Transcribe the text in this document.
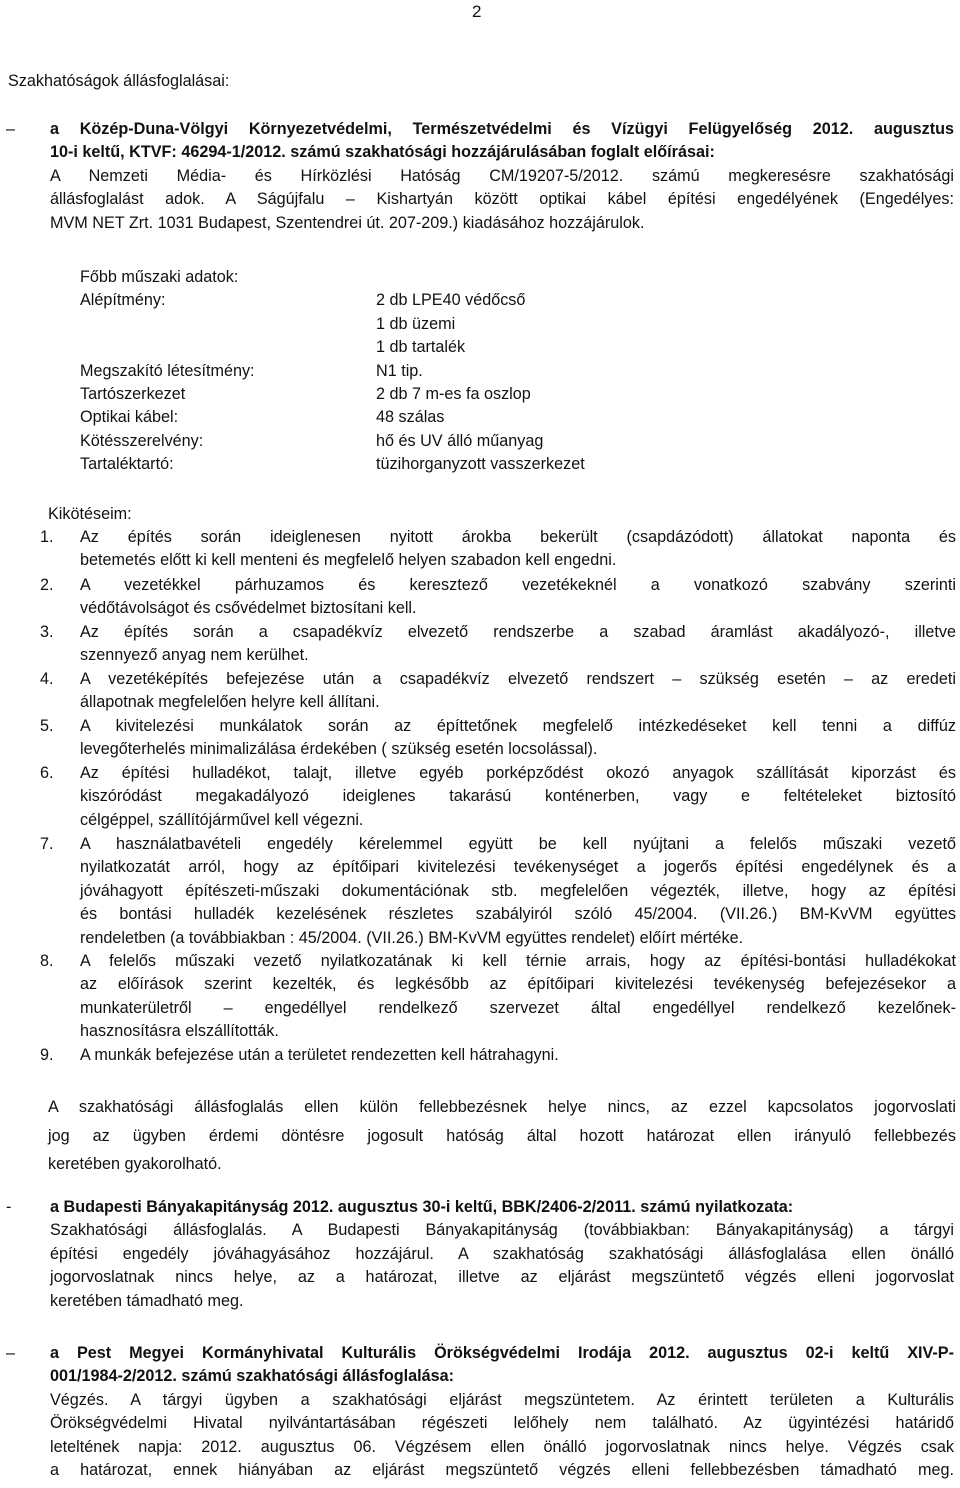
2
Szakhatóságok állásfoglalásai:
– a Közép-Duna-Völgyi Környezetvédelmi, Természetvédelmi és Vízügyi Felügyelőség 2012. augusztus
10-i keltű, KTVF: 46294-1/2012. számú szakhatósági hozzájárulásában foglalt előírásai:
A Nemzeti Média- és Hírközlési Hatóság CM/19207-5/2012. számú megkeresésre szakhatósági
állásfoglalást adok. A Ságújfalu – Kishartyán között optikai kábel építési engedélyének (Engedélyes:
MVM NET Zrt. 1031 Budapest, Szentendrei út. 207-209.) kiadásához hozzájárulok.
Főbb műszaki adatok:
Alépítmény:	2 db LPE40 védőcső
1 db üzemi
1 db tartalék
Megszakító létesítmény:	N1 tip.
Tartószerkezet	2 db 7 m-es fa oszlop
Optikai kábel:	48 szálas
Kötésszerelvény:	hő és UV álló műanyag
Tartaléktartó:	tüzihorganyzott vasszerkezet
Kikötéseim:
1. Az építés során ideiglenesen nyitott árokba bekerült (csapdázódott) állatokat naponta és
betemetés előtt ki kell menteni és megfelelő helyen szabadon kell engedni.
2. A vezetékkel párhuzamos és keresztező vezetékeknél a vonatkozó szabvány szerinti
védőtávolságot és csővédelmet biztosítani kell.
3. Az építés során a csapadékvíz elvezető rendszerbe a szabad áramlást akadályozó-, illetve
szennyező anyag nem kerülhet.
4. A vezetéképítés befejezése után a csapadékvíz elvezető rendszert – szükség esetén – az eredeti
állapotnak megfelelően helyre kell állítani.
5. A kivitelezési munkálatok során az építtetőnek megfelelő intézkedéseket kell tenni a diffúz
levegőterhelés minimalizálása érdekében ( szükség esetén locsolással).
6. Az építési hulladékot, talajt, illetve egyéb porképződést okozó anyagok szállítását kiporzást és
kiszóródást megakadályozó ideiglenes takarású konténerben, vagy e feltételeket biztosító
célgéppel, szállítójárművel kell végezni.
7. A használatbavételi engedély kérelemmel együtt be kell nyújtani a felelős műszaki vezető
nyilatkozatát arról, hogy az építőipari kivitelezési tevékenységet a jogerős építési engedélynek és a
jóváhagyott építészeti-műszaki dokumentációnak stb. megfelelően végezték, illetve, hogy az építési
és bontási hulladék kezelésének részletes szabályiról szóló 45/2004. (VII.26.) BM-KvVM együttes
rendeletben (a továbbiakban : 45/2004. (VII.26.) BM-KvVM együttes rendelet) előírt mértéke.
8. A felelős műszaki vezető nyilatkozatának ki kell térnie arrais, hogy az építési-bontási hulladékokat
az előírások szerint kezelték, és legkésőbb az építőipari kivitelezési tevékenység befejezésekor a
munkaterületről – engedéllyel rendelkező szervezet által engedéllyel rendelkező kezelőnek-
hasznosításra elszállították.
9. A munkák befejezése után a területet rendezetten kell hátrahagyni.
A szakhatósági állásfoglalás ellen külön fellebbezésnek helye nincs, az ezzel kapcsolatos jogorvoslati
jog az ügyben érdemi döntésre jogosult hatóság által hozott határozat ellen irányuló fellebbezés
keretében gyakorolható.
- a Budapesti Bányakapitányság 2012. augusztus 30-i keltű, BBK/2406-2/2011. számú nyilatkozata:
Szakhatósági állásfoglalás. A Budapesti Bányakapitányság (továbbiakban: Bányakapitányság) a tárgyi
építési engedély jóváhagyásához hozzájárul. A szakhatóság szakhatósági állásfoglalása ellen önálló
jogorvoslatnak nincs helye, az a határozat, illetve az eljárást megszüntető végzés elleni jogorvoslat
keretében támadható meg.
– a Pest Megyei Kormányhivatal Kulturális Örökségvédelmi Irodája 2012. augusztus 02-i keltű XIV-P-
001/1984-2/2012. számú szakhatósági állásfoglalása:
Végzés. A tárgyi ügyben a szakhatósági eljárást megszüntetem. Az érintett területen a Kulturális
Örökségvédelmi Hivatal nyilvántartásában régészeti lelőhely nem található. Az ügyintézési határidő
leteltének napja: 2012. augusztus 06. Végzésem ellen önálló jogorvoslatnak nincs helye. Végzés csak
a határozat, ennek hiányában az eljárást megszüntető végzés elleni fellebbezésben támadható meg.
